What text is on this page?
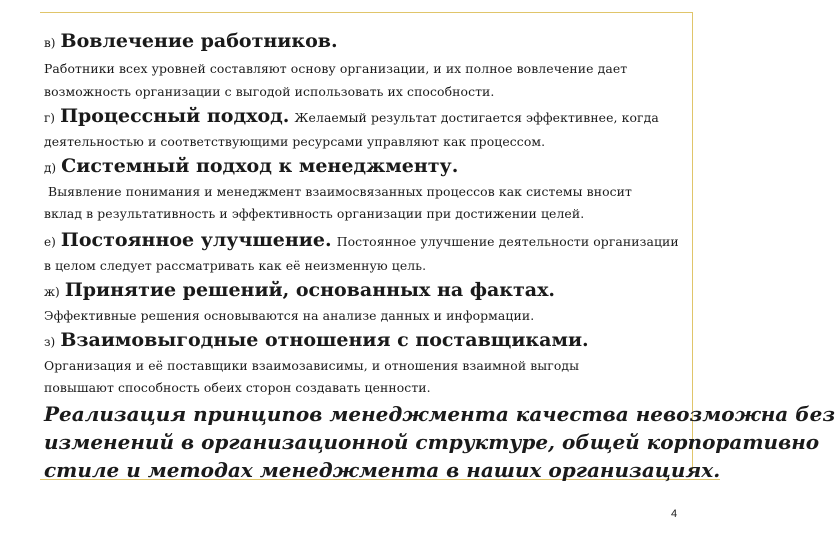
в) Вовлечение работников.
Работники всех уровней составляют основу организации, и их полное вовлечение дает
возможность организации с выгодой использовать их способности.
г) Процессный подход. Желаемый результат достигается эффективнее, когда
деятельностью и соответствующими ресурсами управляют как процессом.
д) Системный подход к менеджменту.
Выявление понимания и менеджмент взаимосвязанных процессов как системы вносит
вклад в результативность и эффективность организации при достижении целей.
е) Постоянное улучшение. Постоянное улучшение деятельности организации
в целом следует рассматривать как её неизменную цель.
ж) Принятие решений, основанных на фактах.
Эффективные решения основываются на анализе данных и информации.
з) Взаимовыгодные отношения с поставщиками.
Организация и её поставщики взаимозависимы, и отношения взаимной выгоды
повышают способность обеих сторон создавать ценности.
Реализация принципов менеджмента качества невозможна без
изменений в организационной структуре, общей корпоративно
стиле и методах менеджмента в наших организациях.
4
